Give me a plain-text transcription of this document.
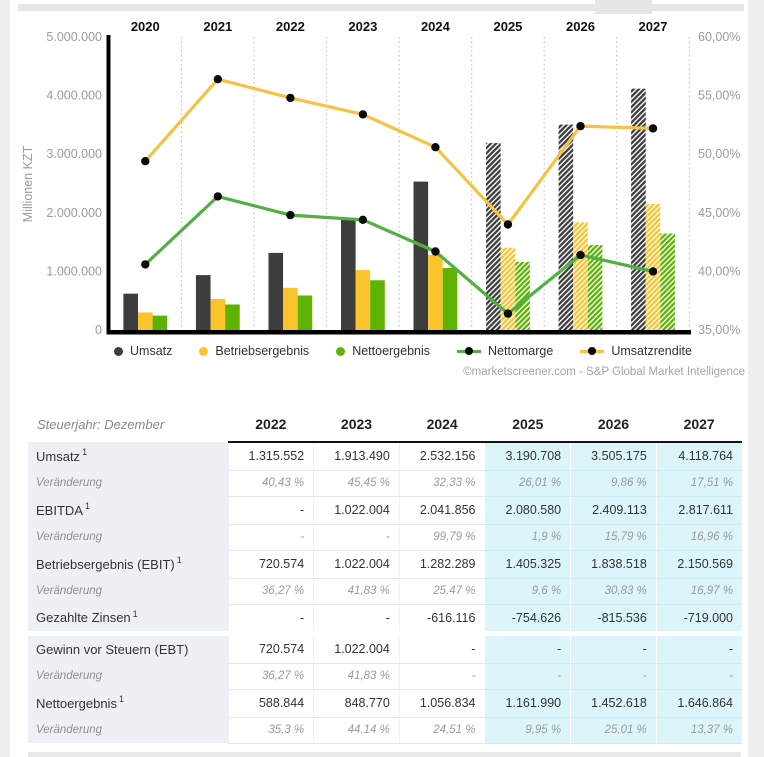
2020	2021	2022	2023	2024	2025	2026	2027
5.000.000
4.000.000
3.000.000
2.000.000
1.000.000
0
60,00%
55,00%
50,00%
45,00%
40,00%
35,00%
Millionen KZT
Umsatz	Betriebsergebnis	Nettoergebnis	Nettomarge	Umsatzrendite
©marketscreener.com - S&P Global Market Intelligence
Steuerjahr: Dezember	2022	2023	2024	2025	2026	2027
Umsatz $^1$	1.315.552	1.913.490	2.532.156	3.190.708	3.505.175	4.118.764
Veränderung	40,43 %	45,45 %	32,33 %	26,01 %	9,86 %	17,51 %
EBITDA $^1$	-	1.022.004	2.041.856	2.080.580	2.409.113	2.817.611
Veränderung	-	-	99,79 %	1,9 %	15,79 %	16,96 %
Betriebsergebnis (EBIT) $^1$	720.574	1.022.004	1.282.289	1.405.325	1.838.518	2.150.569
Veränderung	36,27 %	41,83 %	25,47 %	9,6 %	30,83 %	16,97 %
Gezahlte Zinsen $^1$	-	-	-616.116	-754.626	-815.536	-719.000
Gewinn vor Steuern (EBT)	720.574	1.022.004	-	-	-	-
Veränderung	36,27 %	41,83 %	-	-	-	-
Nettoergebnis $^1$	588.844	848.770	1.056.834	1.161.990	1.452.618	1.646.864
Veränderung	35,3 %	44,14 %	24,51 %	9,95 %	25,01 %	13,37 %
